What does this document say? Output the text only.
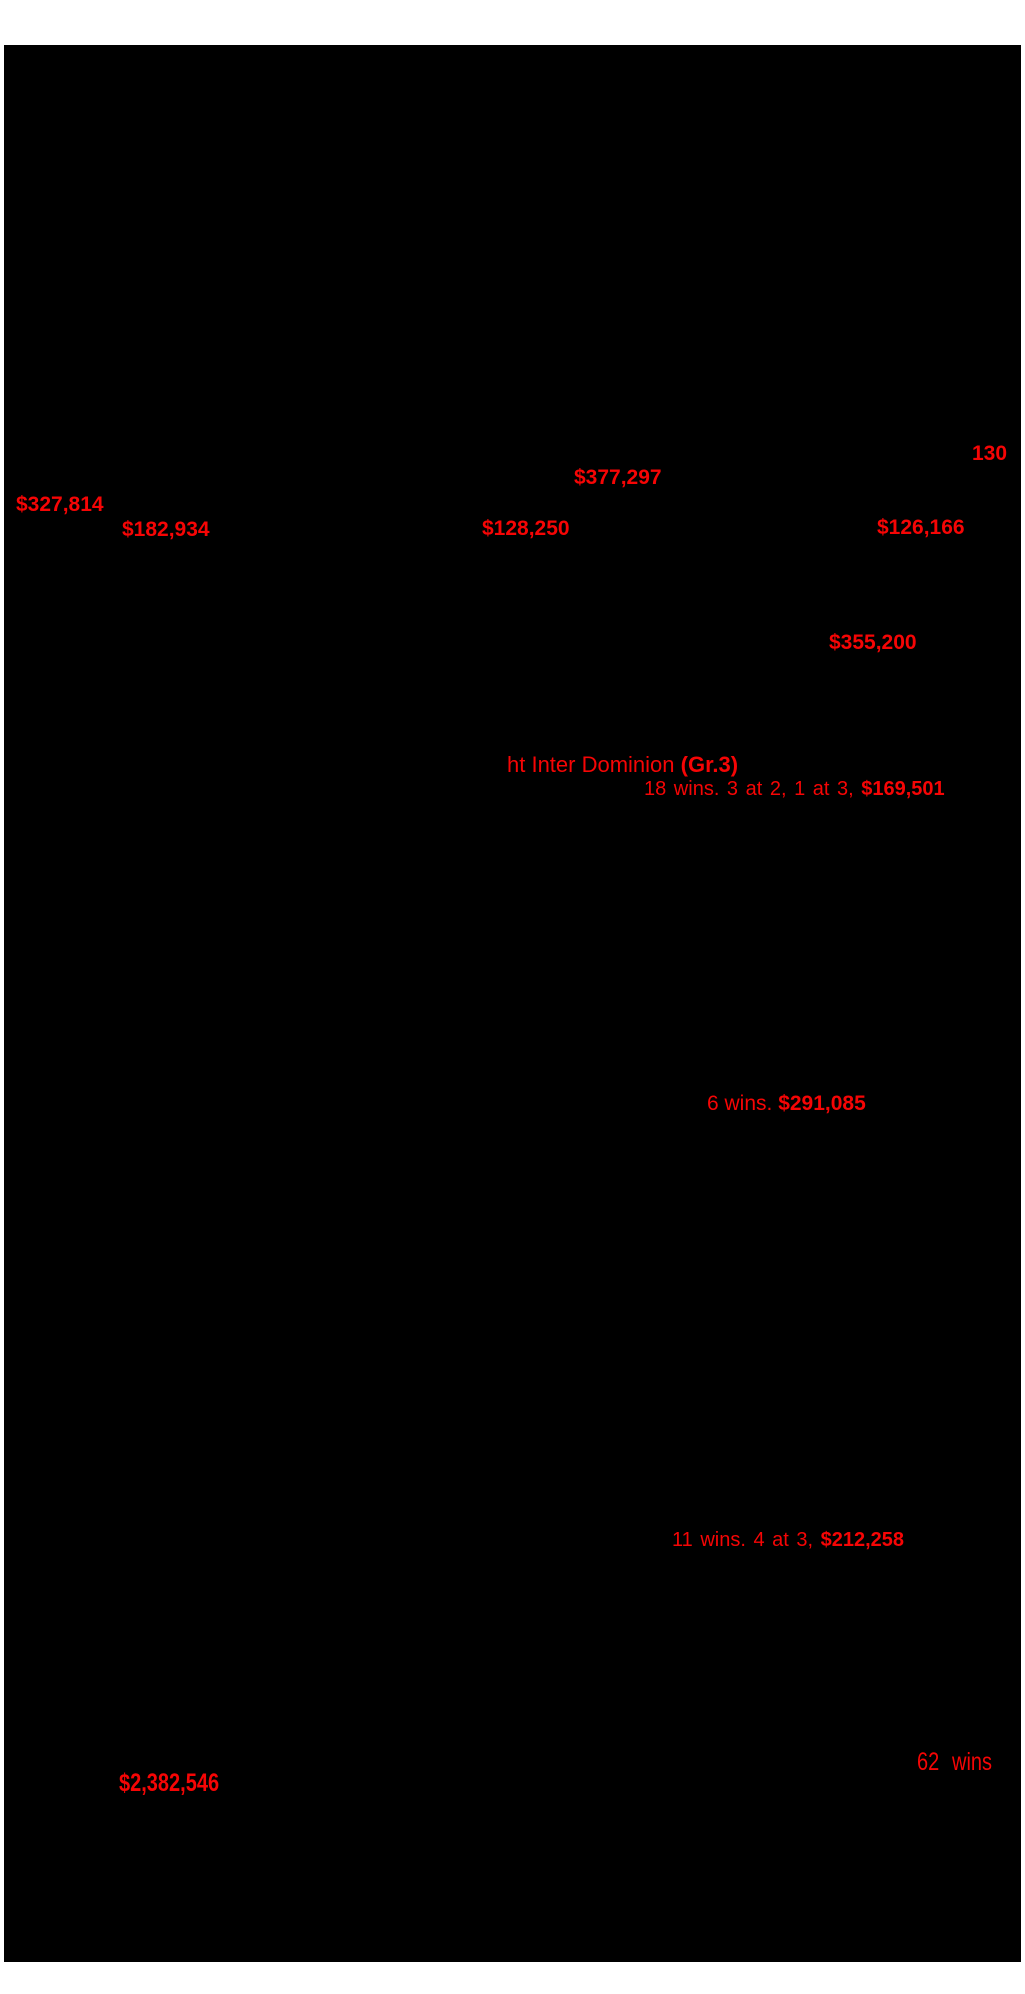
130
$377,297
$327,814
$182,934	$128,250	$126,166
$355,200
ht Inter Dominion (Gr.3)
18 wins. 3 at 2, 1 at 3, $169,501
6 wins. $291,085
11 wins. 4 at 3, $212,258
62 wins
$2,382,546
